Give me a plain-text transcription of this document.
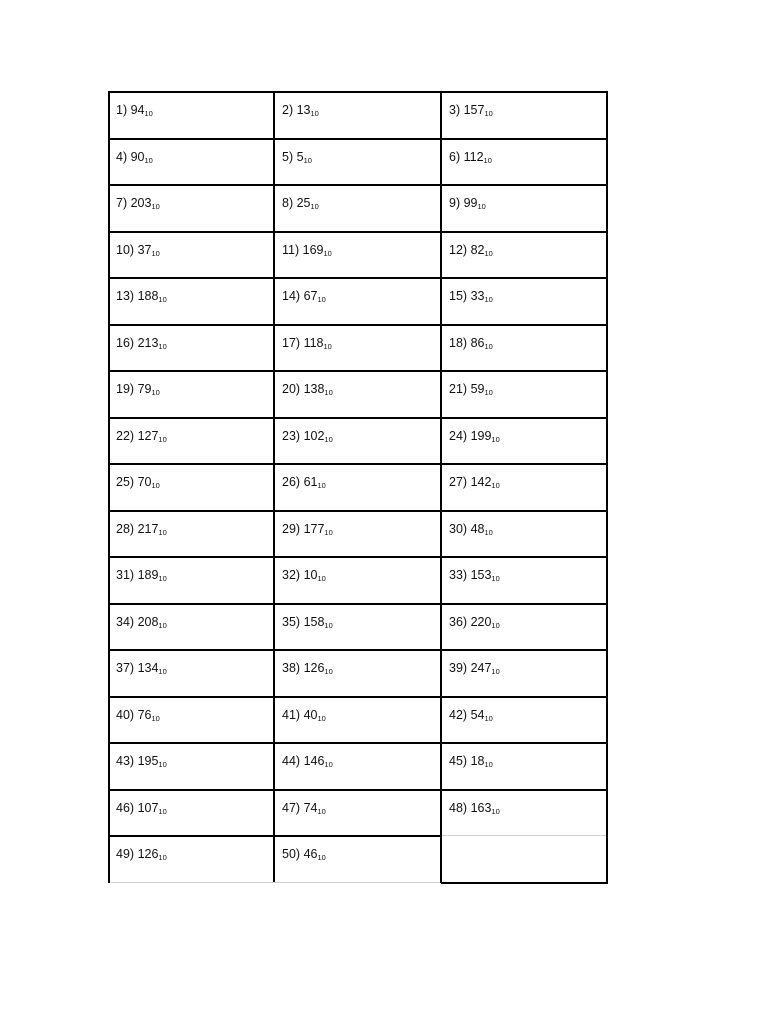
1) $94_{10}$	2) $13_{10}$	3) $157_{10}$
4) $90_{10}$	5) $5_{10}$	6) $112_{10}$
7) $203_{10}$	8) $25_{10}$	9) $99_{10}$
10) $37_{10}$	11) $169_{10}$	12) $82_{10}$
13) $188_{10}$	14) $67_{10}$	15) $33_{10}$
16) $213_{10}$	17) $118_{10}$	18) $86_{10}$
19) $79_{10}$	20) $138_{10}$	21) $59_{10}$
22) $127_{10}$	23) $102_{10}$	24) $199_{10}$
25) $70_{10}$	26) $61_{10}$	27) $142_{10}$
28) $217_{10}$	29) $177_{10}$	30) $48_{10}$
31) $189_{10}$	32) $10_{10}$	33) $153_{10}$
34) $208_{10}$	35) $158_{10}$	36) $220_{10}$
37) $134_{10}$	38) $126_{10}$	39) $247_{10}$
40) $76_{10}$	41) $40_{10}$	42) $54_{10}$
43) $195_{10}$	44) $146_{10}$	45) $18_{10}$
46) $107_{10}$	47) $74_{10}$	48) $163_{10}$
49) $126_{10}$	50) $46_{10}$
